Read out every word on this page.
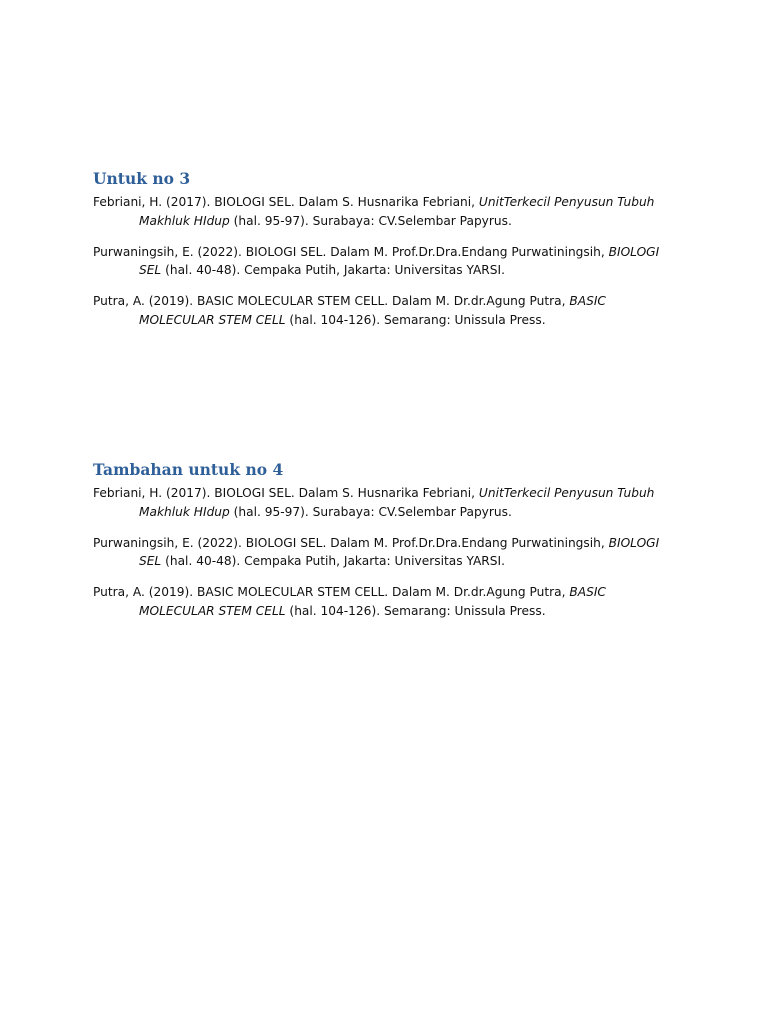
Untuk no 3

Febriani, H. (2017). BIOLOGI SEL. Dalam S. Husnarika Febriani, UnitTerkecil Penyusun Tubuh Makhluk HIdup (hal. 95-97). Surabaya: CV.Selembar Papyrus.

Purwaningsih, E. (2022). BIOLOGI SEL. Dalam M. Prof.Dr.Dra.Endang Purwatiningsih, BIOLOGI SEL (hal. 40-48). Cempaka Putih, Jakarta: Universitas YARSI.

Putra, A. (2019). BASIC MOLECULAR STEM CELL. Dalam M. Dr.dr.Agung Putra, BASIC MOLECULAR STEM CELL (hal. 104-126). Semarang: Unissula Press.

Tambahan untuk no 4

Febriani, H. (2017). BIOLOGI SEL. Dalam S. Husnarika Febriani, UnitTerkecil Penyusun Tubuh Makhluk HIdup (hal. 95-97). Surabaya: CV.Selembar Papyrus.

Purwaningsih, E. (2022). BIOLOGI SEL. Dalam M. Prof.Dr.Dra.Endang Purwatiningsih, BIOLOGI SEL (hal. 40-48). Cempaka Putih, Jakarta: Universitas YARSI.

Putra, A. (2019). BASIC MOLECULAR STEM CELL. Dalam M. Dr.dr.Agung Putra, BASIC MOLECULAR STEM CELL (hal. 104-126). Semarang: Unissula Press.
